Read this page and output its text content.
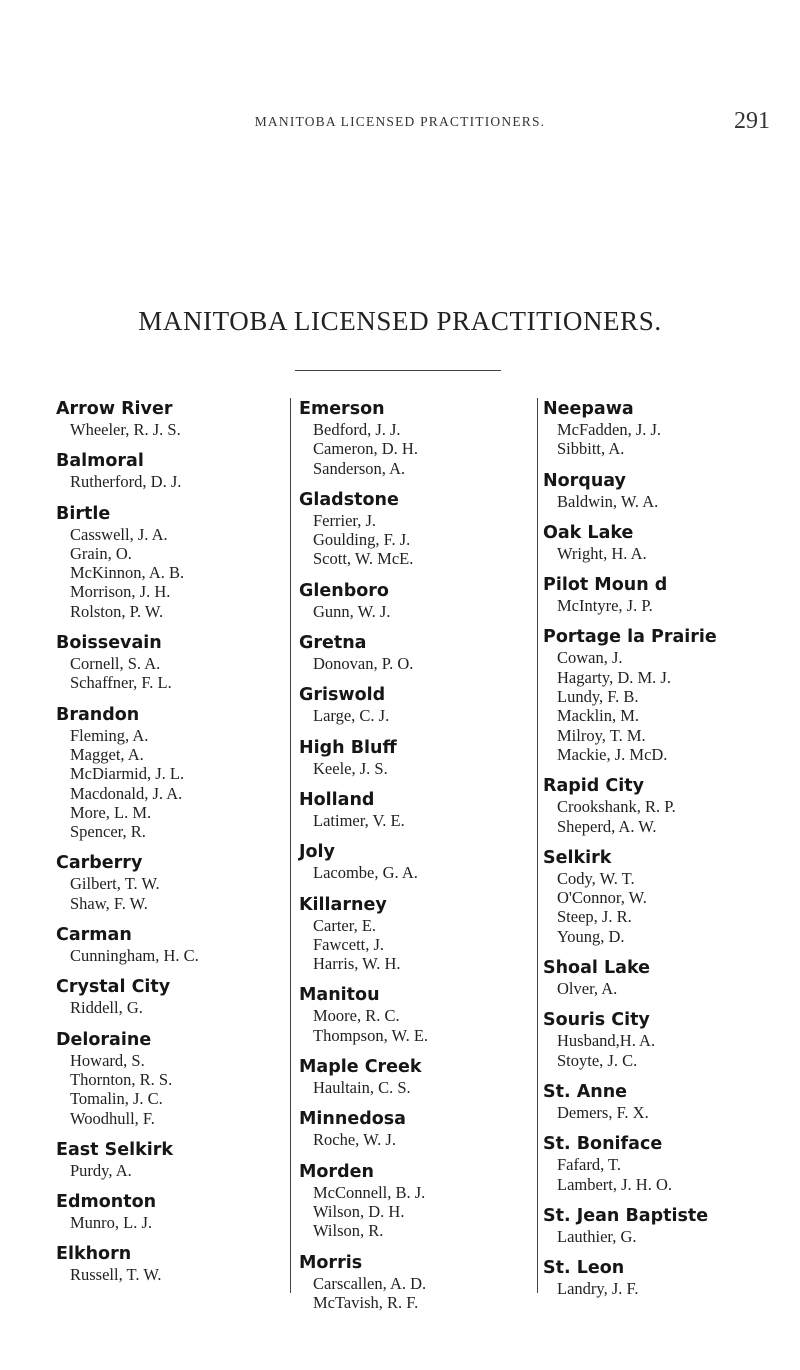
MANITOBA LICENSED PRACTITIONERS.	291
MANITOBA LICENSED PRACTITIONERS.
Arrow River
Wheeler, R. J. S.
Balmoral
Rutherford, D. J.
Birtle
Casswell, J. A.
Grain, O.
McKinnon, A. B.
Morrison, J. H.
Rolston, P. W.
Boissevain
Cornell, S. A.
Schaffner, F. L.
Brandon
Fleming, A.
Magget, A.
McDiarmid, J. L.
Macdonald, J. A.
More, L. M.
Spencer, R.
Carberry
Gilbert, T. W.
Shaw, F. W.
Carman
Cunningham, H. C.
Crystal City
Riddell, G.
Deloraine
Howard, S.
Thornton, R. S.
Tomalin, J. C.
Woodhull, F.
East Selkirk
Purdy, A.
Edmonton
Munro, L. J.
Elkhorn
Russell, T. W.
Emerson
Bedford, J. J.
Cameron, D. H.
Sanderson, A.
Gladstone
Ferrier, J.
Goulding, F. J.
Scott, W. McE.
Glenboro
Gunn, W. J.
Gretna
Donovan, P. O.
Griswold
Large, C. J.
High Bluff
Keele, J. S.
Holland
Latimer, V. E.
Joly
Lacombe, G. A.
Killarney
Carter, E.
Fawcett, J.
Harris, W. H.
Manitou
Moore, R. C.
Thompson, W. E.
Maple Creek
Haultain, C. S.
Minnedosa
Roche, W. J.
Morden
McConnell, B. J.
Wilson, D. H.
Wilson, R.
Morris
Carscallen, A. D.
McTavish, R. F.
Neepawa
McFadden, J. J.
Sibbitt, A.
Norquay
Baldwin, W. A.
Oak Lake
Wright, H. A.
Pilot Moun d
McIntyre, J. P.
Portage la Prairie
Cowan, J.
Hagarty, D. M. J.
Lundy, F. B.
Macklin, M.
Milroy, T. M.
Mackie, J. McD.
Rapid City
Crookshank, R. P.
Sheperd, A. W.
Selkirk
Cody, W. T.
O'Connor, W.
Steep, J. R.
Young, D.
Shoal Lake
Olver, A.
Souris City
Husband,H. A.
Stoyte, J. C.
St. Anne
Demers, F. X.
St. Boniface
Fafard, T.
Lambert, J. H. O.
St. Jean Baptiste
Lauthier, G.
St. Leon
Landry, J. F.
